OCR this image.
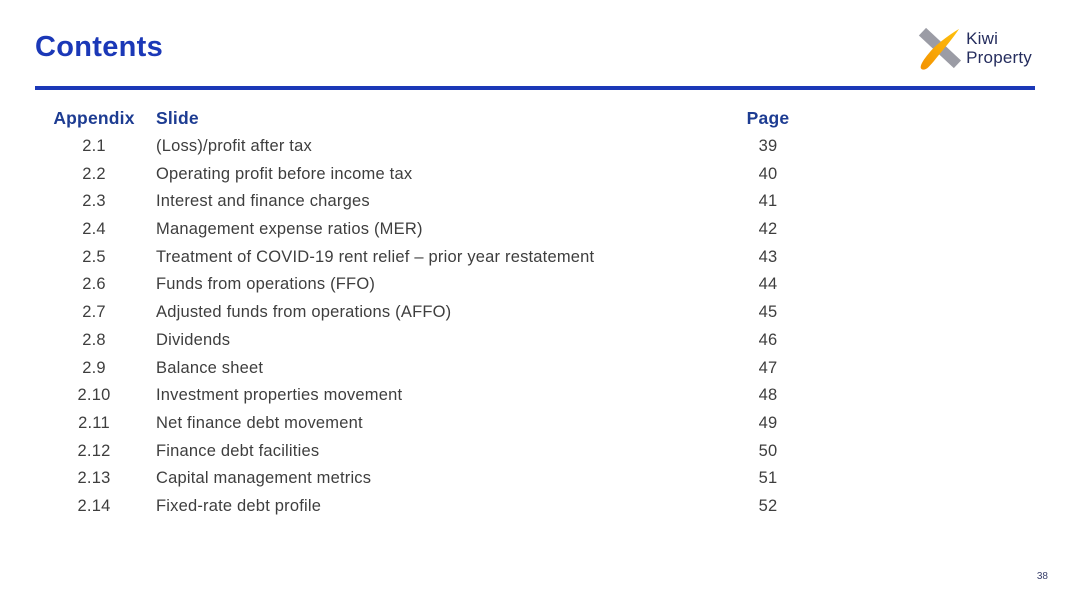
Contents	Kiwi
Property
Appendix	Slide	Page
2.1	(Loss)/profit after tax	39
2.2	Operating profit before income tax	40
2.3	Interest and finance charges	41
2.4	Management expense ratios (MER)	42
2.5	Treatment of COVID-19 rent relief – prior year restatement	43
2.6	Funds from operations (FFO)	44
2.7	Adjusted funds from operations (AFFO)	45
2.8	Dividends	46
2.9	Balance sheet	47
2.10	Investment properties movement	48
2.11	Net finance debt movement	49
2.12	Finance debt facilities	50
2.13	Capital management metrics	51
2.14	Fixed-rate debt profile	52
38
